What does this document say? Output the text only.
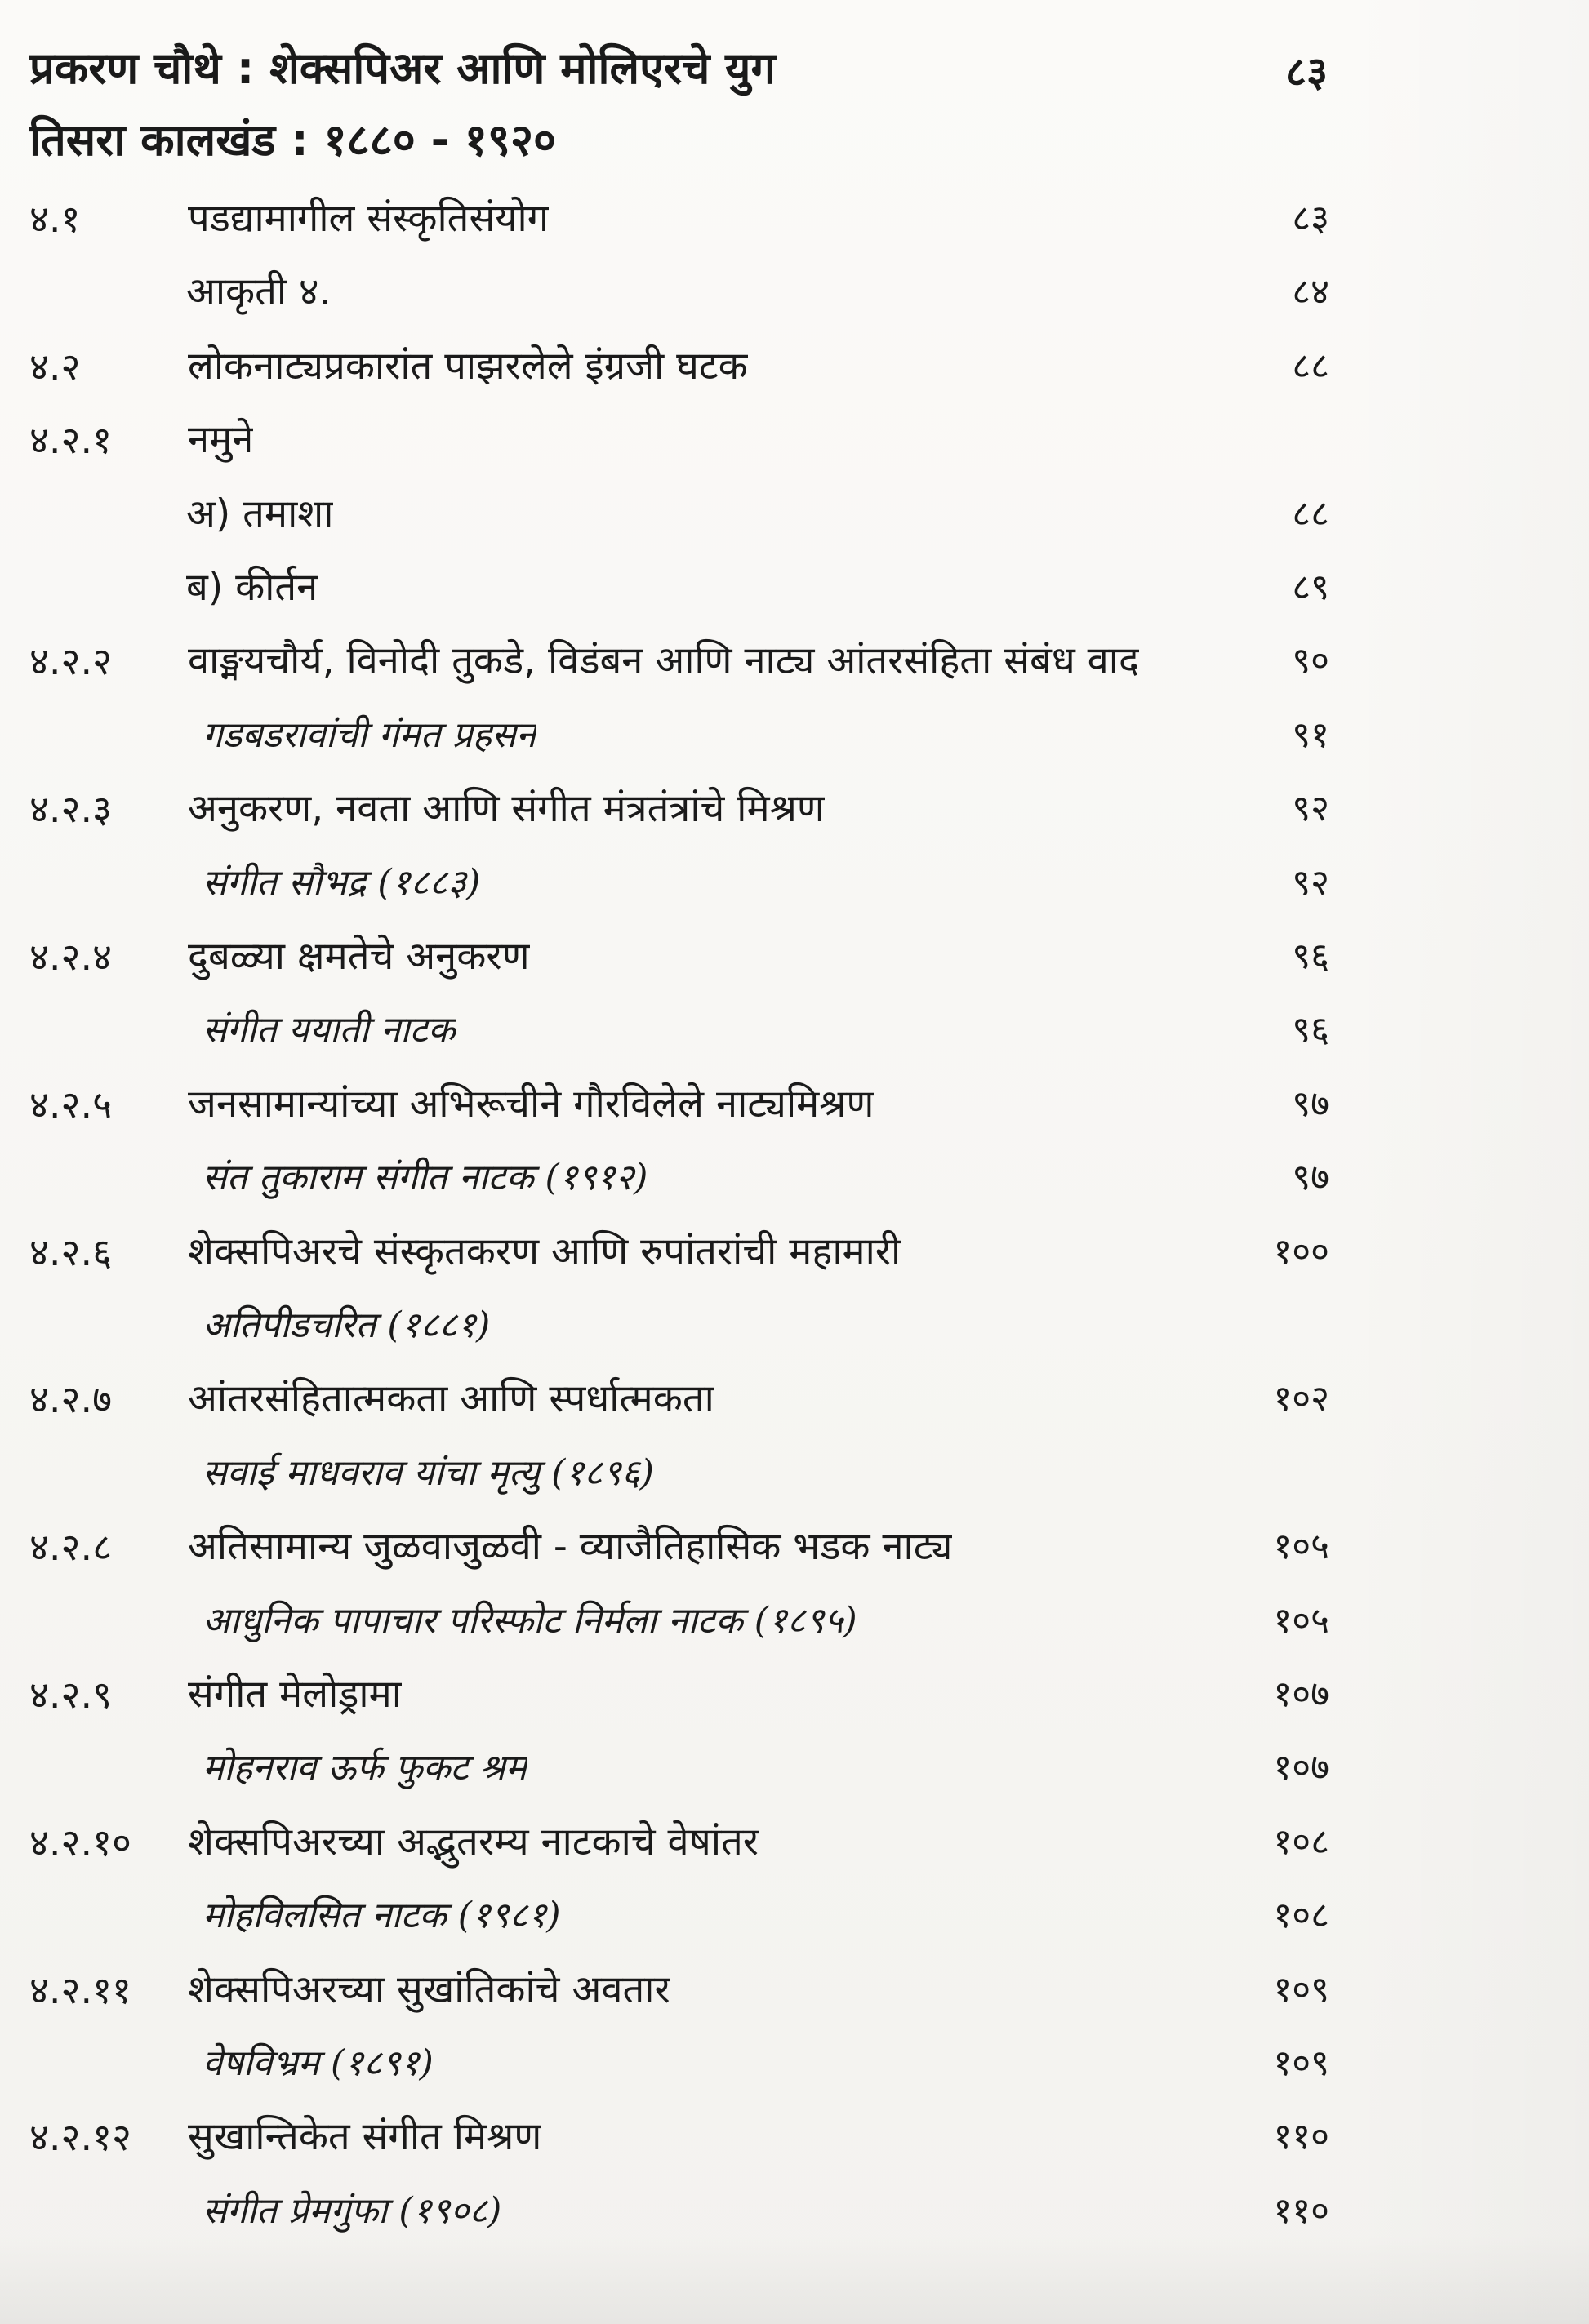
प्रकरण चौथे : शेक्सपिअर आणि मोलिएरचे युग	८३
तिसरा कालखंड : १८८० - १९२०
४.१	पडद्यामागील संस्कृतिसंयोग	८३
आकृती ४.	८४
४.२	लोकनाट्यप्रकारांत पाझरलेले इंग्रजी घटक	८८
४.२.१ नमुने
अ) तमाशा	८८
ब) कीर्तन	८९
४.२.२ वाङ्मयचौर्य, विनोदी तुकडे, विडंबन आणि नाट्य आंतरसंहिता संबंध वाद	९०
गडबडरावांची गंमत प्रहसन	९१
४.२.३ अनुकरण, नवता आणि संगीत मंत्रतंत्रांचे मिश्रण	९२
संगीत सौभद्र (१८८३)	९२
४.२.४ दुबळ्या क्षमतेचे अनुकरण	९६
संगीत ययाती नाटक	९६
४.२.५ जनसामान्यांच्या अभिरूचीने गौरविलेले नाट्यमिश्रण	९७
संत तुकाराम संगीत नाटक (१९१२)	९७
४.२.६ शेक्सपिअरचे संस्कृतकरण आणि रुपांतरांची महामारी	१००
अतिपीडचरित (१८८१)
४.२.७ आंतरसंहितात्मकता आणि स्पर्धात्मकता	१०२
सवाई माधवराव यांचा मृत्यु (१८९६)
४.२.८ अतिसामान्य जुळवाजुळवी - व्याजैतिहासिक भडक नाट्य	१०५
आधुनिक पापाचार परिस्फोट निर्मला नाटक (१८९५)	१०५
४.२.९ संगीत मेलोड्रामा	१०७
मोहनराव ऊर्फ फुकट श्रम	१०७
४.२.१० शेक्सपिअरच्या अद्भुतरम्य नाटकाचे वेषांतर	१०८
मोहविलसित नाटक (१९८१)	१०८
४.२.११ शेक्सपिअरच्या सुखांतिकांचे अवतार	१०९
वेषविभ्रम (१८९१)	१०९
४.२.१२ सुखान्तिकेत संगीत मिश्रण	११०
संगीत प्रेमगुंफा (१९०८)	११०
